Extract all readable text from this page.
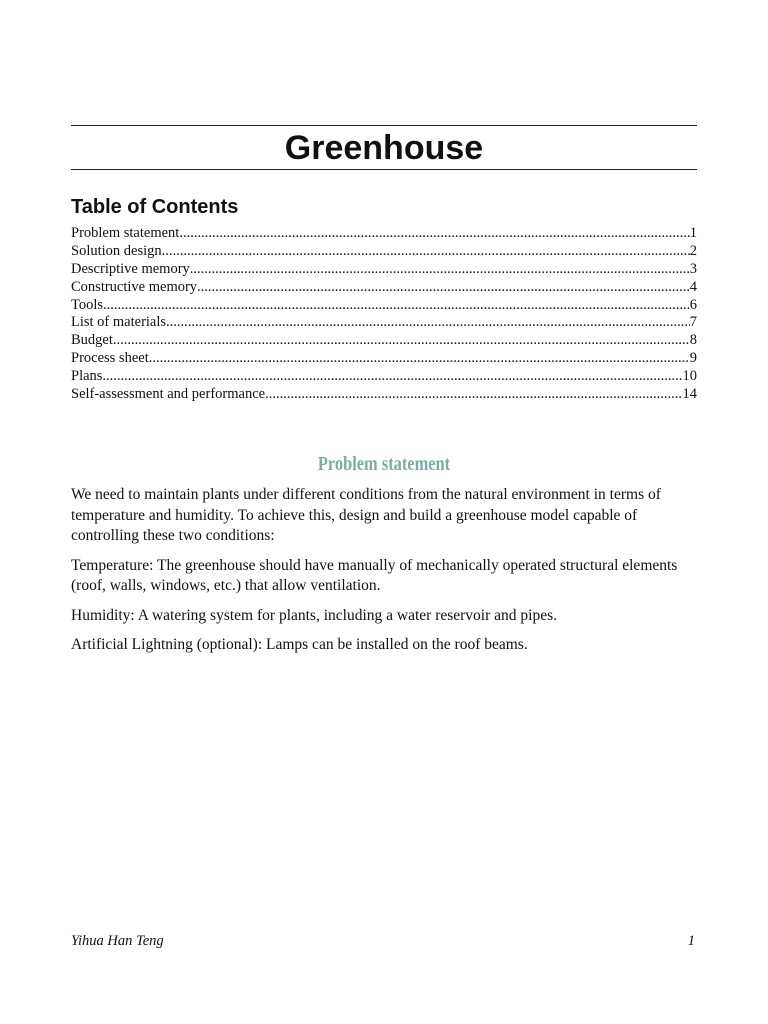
Greenhouse
Table of Contents
Problem statement .....	1
Solution design .....	2
Descriptive memory .....	3
Constructive memory .....	4
Tools .....	6
List of materials .....	7
Budget .....	8
Process sheet .....	9
Plans .....	10
Self-assessment and performance .....	14
Problem statement

We need to maintain plants under different conditions from the natural environment in terms of temperature and humidity. To achieve this, design and build a greenhouse model capable of controlling these two conditions:

Temperature: The greenhouse should have manually of mechanically operated structural elements (roof, walls, windows, etc.) that allow ventilation.

Humidity: A watering system for plants, including a water reservoir and pipes.

Artificial Lightning (optional): Lamps can be installed on the roof beams.

Yihua Han Teng	1
